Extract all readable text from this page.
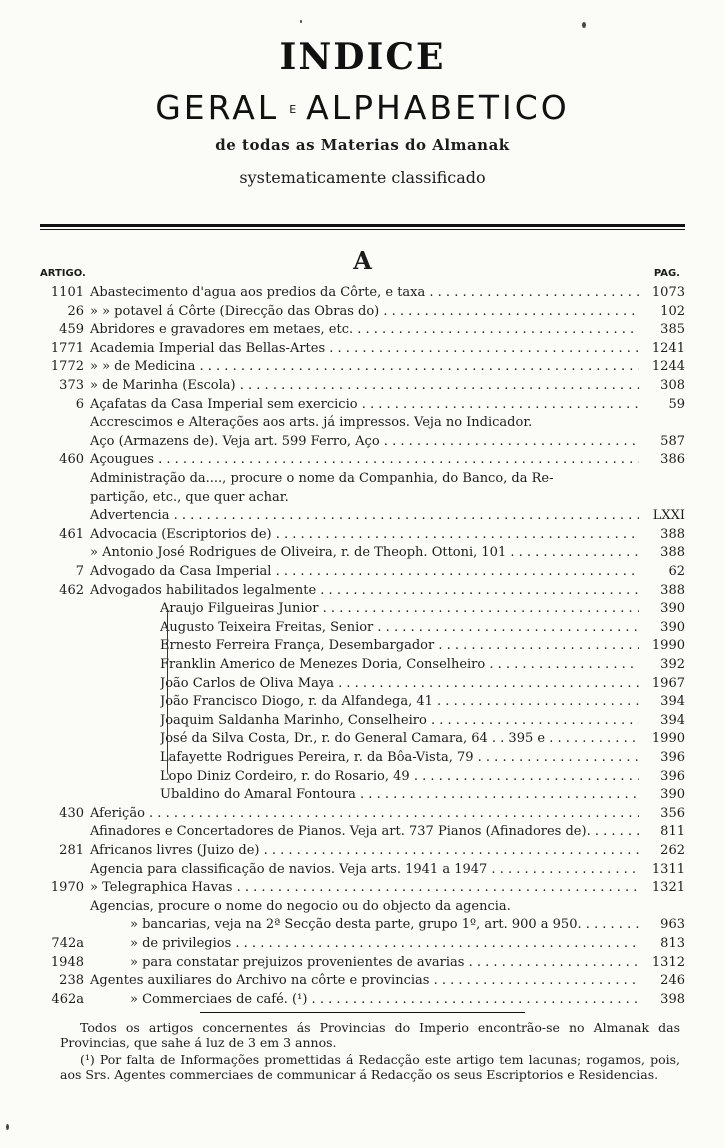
INDICE
GERAL E ALPHABETICO
de todas as Materias do Almanak
systematicamente classificado
A
ARTIGO.	PAG.
1101 Abastecimento d'agua aos predios da Côrte, e taxa . . .	1073
26 » » potavel á Côrte (Direcção das Obras do) . . .	102
459 Abridores e gravadores em metaes, etc. . . .	385
1771 Academia Imperial das Bellas-Artes . . .	1241
1772 » » de Medicina . . .	1244
373 » de Marinha (Escola) . . .	308
6 Açafatas da Casa Imperial sem exercicio . . .	59
Accrescimos e Alterações aos arts. já impressos. Veja no Indicador.
Aço (Armazens de). Veja art. 599 Ferro, Aço . . .	587
460 Açougues . . .	386
Administração da...., procure o nome da Companhia, do Banco, da Re-
partição, etc., que quer achar.
Advertencia . . .	LXXI
461 Advocacia (Escriptorios de) . . .	388
» Antonio José Rodrigues de Oliveira, r. de Theoph. Ottoni, 101 . . .	388
7 Advogado da Casa Imperial . . .	62
462 Advogados habilitados legalmente . . .	388
Araujo Filgueiras Junior . . .	390
Augusto Teixeira Freitas, Senior . . .	390
Ernesto Ferreira França, Desembargador . . .	1990
Franklin Americo de Menezes Doria, Conselheiro . . .	392
João Carlos de Oliva Maya . . .	1967
João Francisco Diogo, r. da Alfandega, 41 . . .	394
Joaquim Saldanha Marinho, Conselheiro . . .	394
José da Silva Costa, Dr., r. do General Camara, 64 . . 395 e . . .	1990
Lafayette Rodrigues Pereira, r. da Bôa-Vista, 79 . . .	396
Lopo Diniz Cordeiro, r. do Rosario, 49 . . .	396
Ubaldino do Amaral Fontoura . . .	390
430 Aferição . . .	356
Afinadores e Concertadores de Pianos. Veja art. 737 Pianos (Afinadores de). . . .	811
281 Africanos livres (Juizo de) . . .	262
Agencia para classificação de navios. Veja arts. 1941 a 1947 . . .	1311
1970 » Telegraphica Havas . . .	1321
Agencias, procure o nome do negocio ou do objecto da agencia.
» bancarias, veja na 2ª Secção desta parte, grupo 1º, art. 900 a 950. . . .	963
742a	» de privilegios . . .	813
1948	» para constatar prejuizos provenientes de avarias . . .	1312
238 Agentes auxiliares do Archivo na côrte e provincias . . .	246
462a	» Commerciaes de café. (¹) . . .	398
Todos os artigos concernentes ás Provincias do Imperio encontrão-se no Almanak das Provincias, que sahe á luz de 3 em 3 annos.
(¹) Por falta de Informações promettidas á Redacção este artigo tem lacunas; rogamos, pois, aos Srs. Agentes commerciaes de communicar á Redacção os seus Escriptorios e Residencias.
